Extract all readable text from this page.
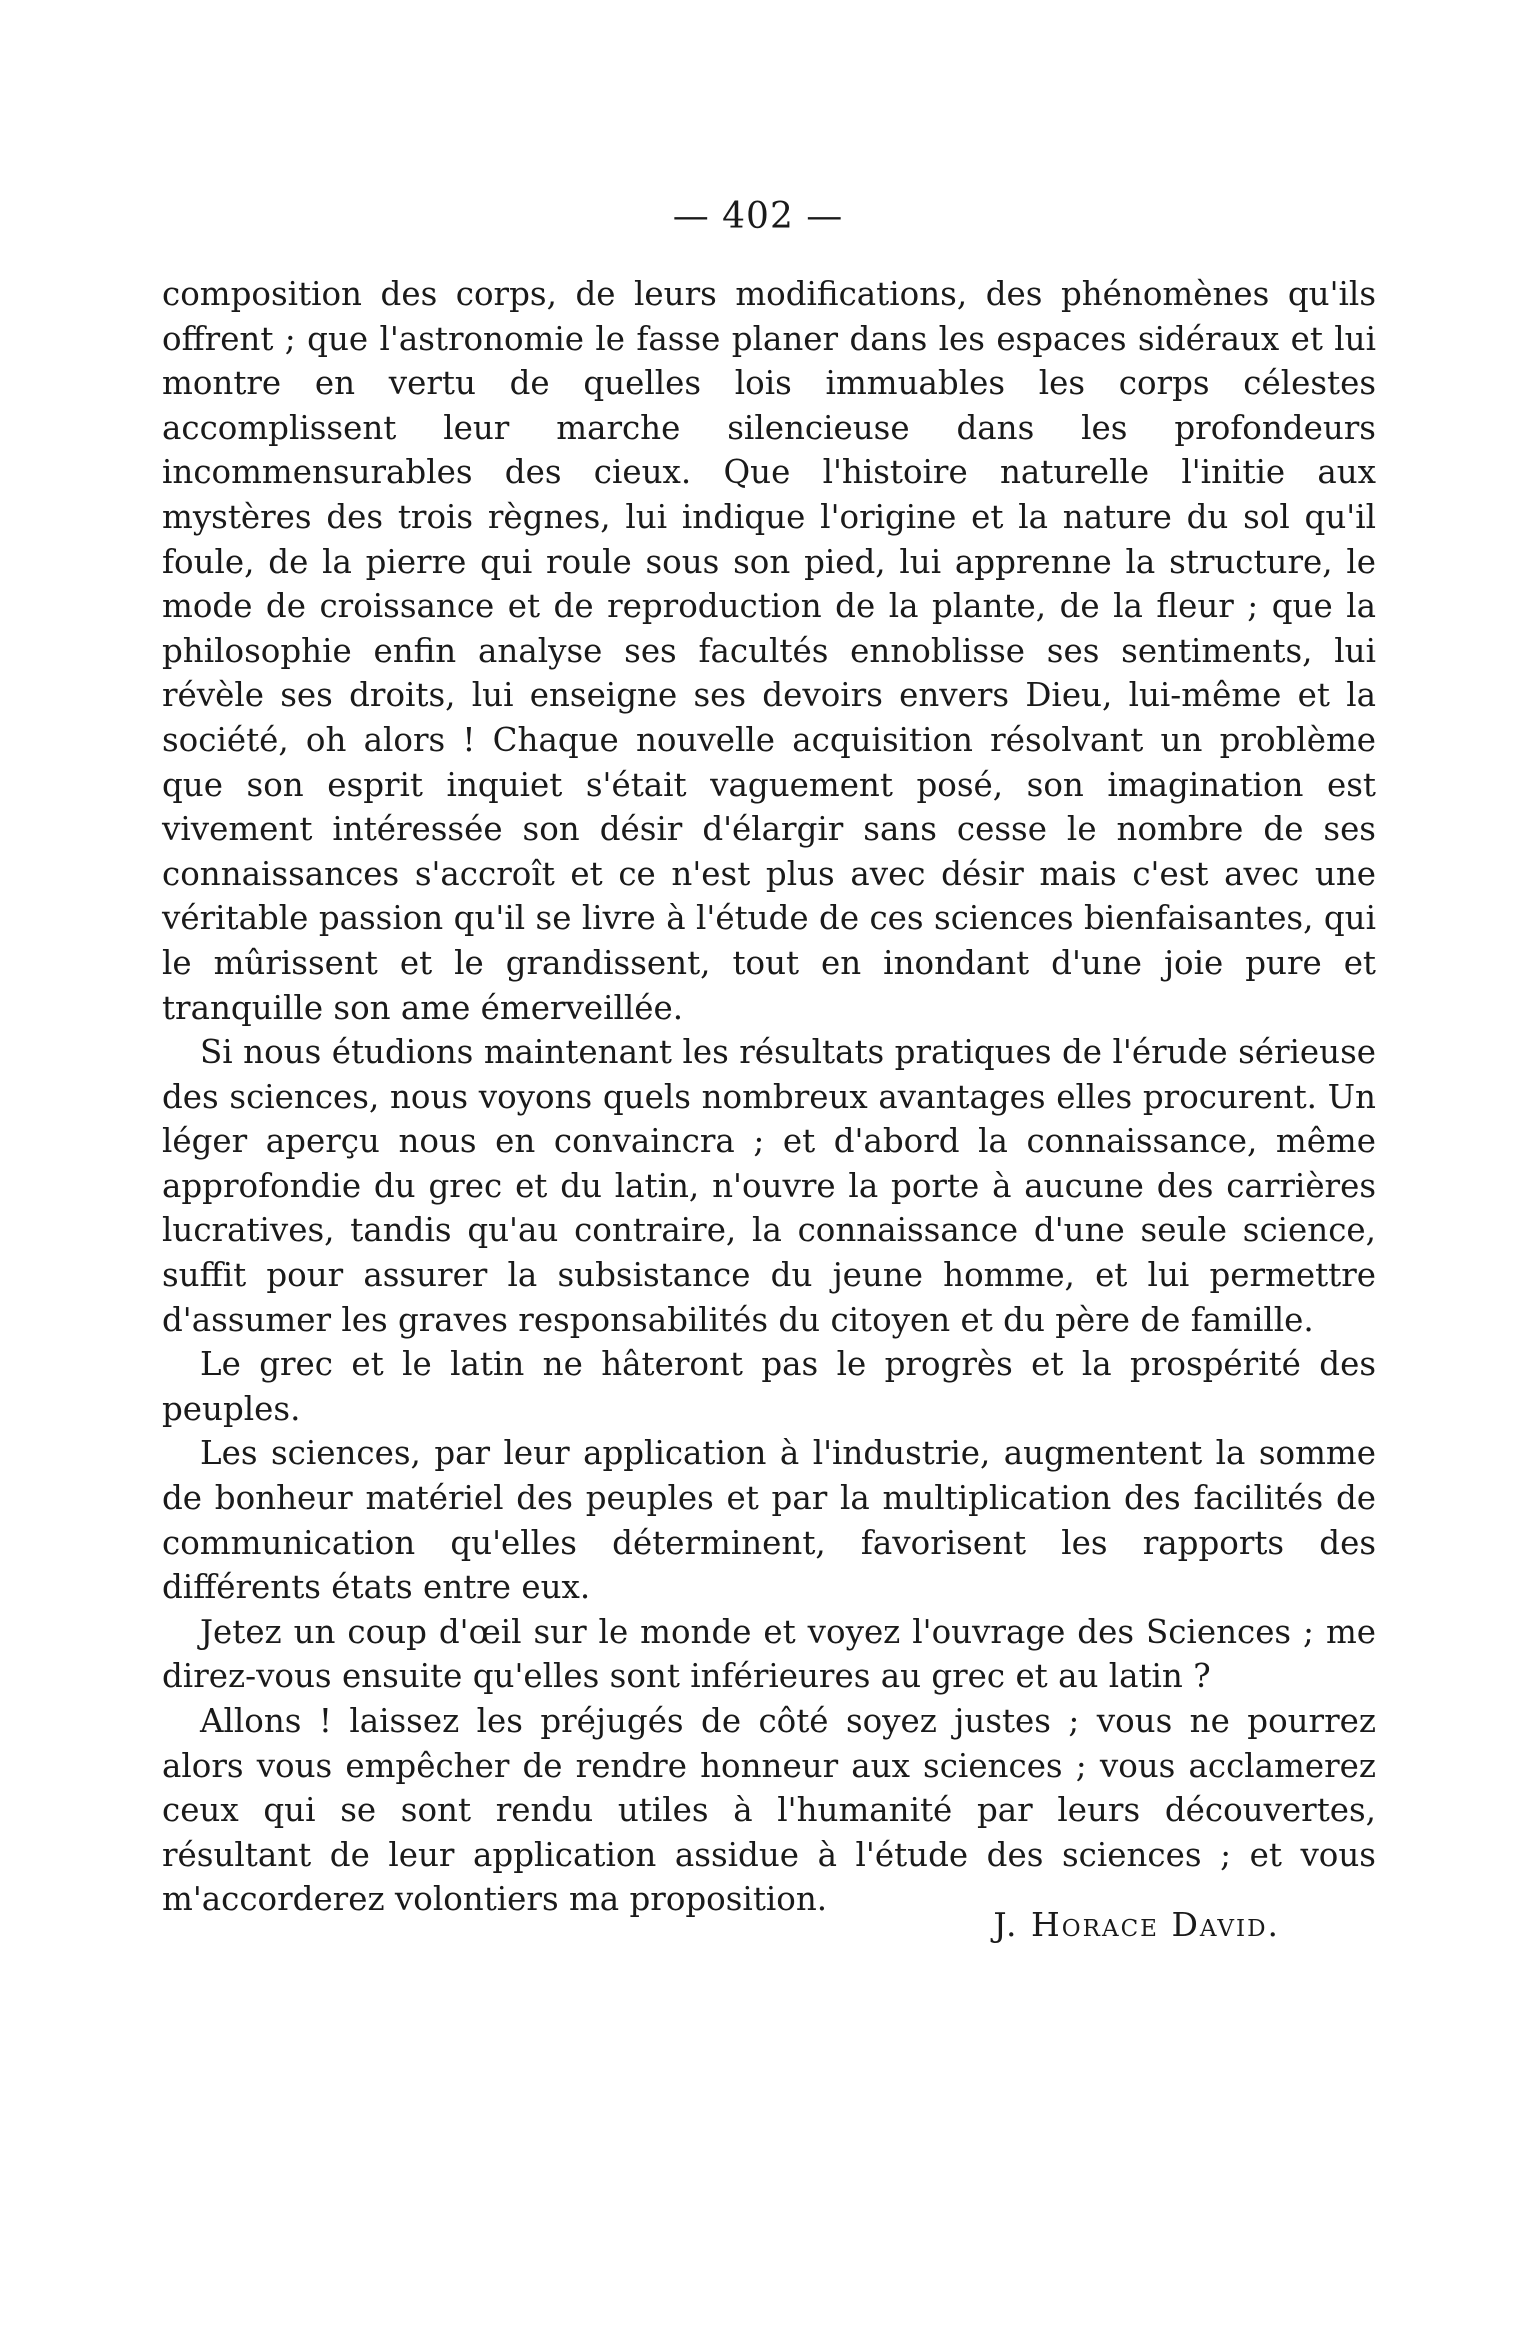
— 402 —

composition des corps, de leurs modifications, des phénomènes qu'ils offrent ; que l'astronomie le fasse planer dans les espaces sidéraux et lui montre en vertu de quelles lois immuables les corps célestes accomplissent leur marche silencieuse dans les profondeurs incommensurables des cieux. Que l'histoire naturelle l'initie aux mystères des trois règnes, lui indique l'origine et la nature du sol qu'il foule, de la pierre qui roule sous son pied, lui apprenne la structure, le mode de croissance et de reproduction de la plante, de la fleur ; que la philosophie enfin analyse ses facultés ennoblisse ses sentiments, lui révèle ses droits, lui enseigne ses devoirs envers Dieu, lui-même et la société, oh alors ! Chaque nouvelle acquisition résolvant un problème que son esprit inquiet s'était vaguement posé, son imagination est vivement intéressée son désir d'élargir sans cesse le nombre de ses connaissances s'accroît et ce n'est plus avec désir mais c'est avec une véritable passion qu'il se livre à l'étude de ces sciences bienfaisantes, qui le mûrissent et le grandissent, tout en inondant d'une joie pure et tranquille son ame émerveillée.

Si nous étudions maintenant les résultats pratiques de l'érude sérieuse des sciences, nous voyons quels nombreux avantages elles procurent. Un léger aperçu nous en convaincra ; et d'abord la connaissance, même approfondie du grec et du latin, n'ouvre la porte à aucune des carrières lucratives, tandis qu'au contraire, la connaissance d'une seule science, suffit pour assurer la subsistance du jeune homme, et lui permettre d'assumer les graves responsabilités du citoyen et du père de famille.

Le grec et le latin ne hâteront pas le progrès et la prospérité des peuples.

Les sciences, par leur application à l'industrie, augmentent la somme de bonheur matériel des peuples et par la multiplication des facilités de communication qu'elles déterminent, favorisent les rapports des différents états entre eux.

Jetez un coup d'œil sur le monde et voyez l'ouvrage des Sciences ; me direz-vous ensuite qu'elles sont inférieures au grec et au latin ?

Allons ! laissez les préjugés de côté soyez justes ; vous ne pourrez alors vous empêcher de rendre honneur aux sciences ; vous acclamerez ceux qui se sont rendu utiles à l'humanité par leurs découvertes, résultant de leur application assidue à l'étude des sciences ; et vous m'accorderez volontiers ma proposition.

J. Horace David.
